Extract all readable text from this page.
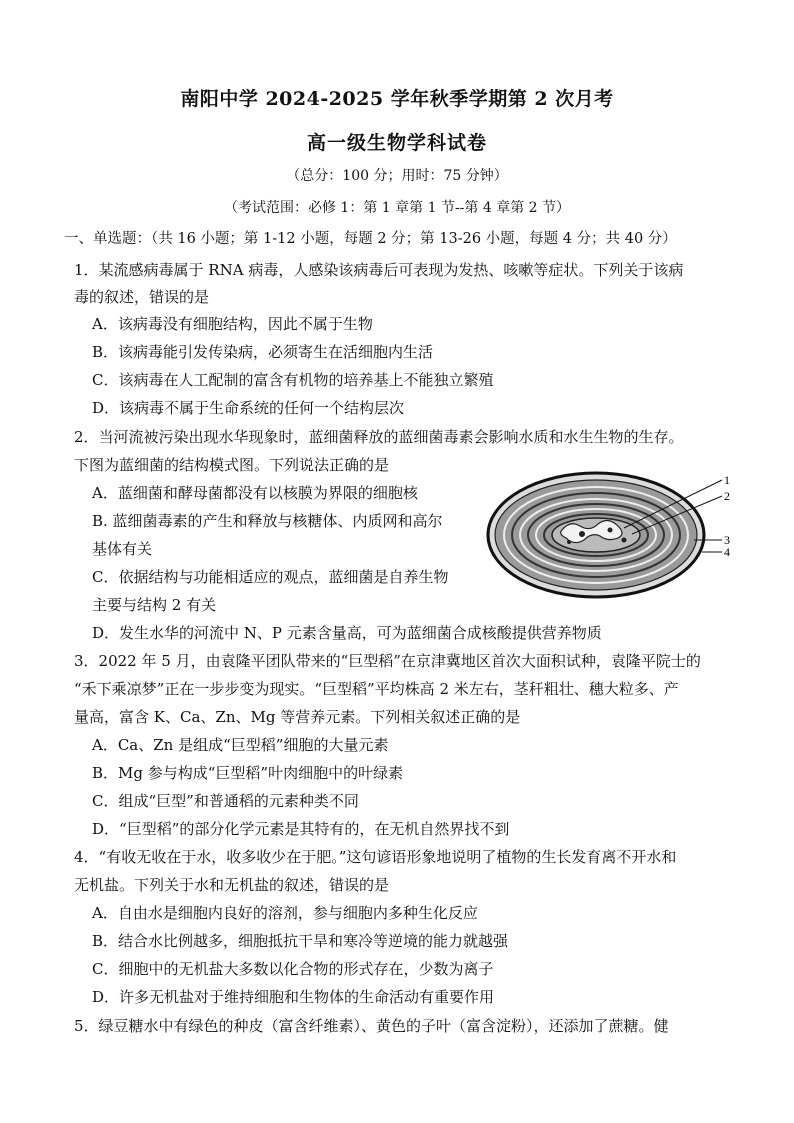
南阳中学 2024-2025 学年秋季学期第 2 次月考
高一级生物学科试卷
（总分：100 分；用时：75 分钟）
（考试范围：必修 1：第 1 章第 1 节--第 4 章第 2 节）
一、单选题：（共 16 小题；第 1-12 小题，每题 2 分；第 13-26 小题，每题 4 分；共 40 分）
1．某流感病毒属于 RNA 病毒，人感染该病毒后可表现为发热、咳嗽等症状。下列关于该病
毒的叙述，错误的是
A．该病毒没有细胞结构，因此不属于生物
B．该病毒能引发传染病，必须寄生在活细胞内生活
C．该病毒在人工配制的富含有机物的培养基上不能独立繁殖
D．该病毒不属于生命系统的任何一个结构层次
2．当河流被污染出现水华现象时，蓝细菌释放的蓝细菌毒素会影响水质和水生生物的生存。
下图为蓝细菌的结构模式图。下列说法正确的是
A．蓝细菌和酵母菌都没有以核膜为界限的细胞核
B. 蓝细菌毒素的产生和释放与核糖体、内质网和高尔
基体有关
C．依据结构与功能相适应的观点，蓝细菌是自养生物
主要与结构 2 有关
D．发生水华的河流中 N、P 元素含量高，可为蓝细菌合成核酸提供营养物质
1
2
3
4
3．2022 年 5 月，由袁隆平团队带来的“巨型稻”在京津冀地区首次大面积试种，袁隆平院士的
“禾下乘凉梦”正在一步步变为现实。“巨型稻”平均株高 2 米左右，茎秆粗壮、穗大粒多、产
量高，富含 K、Ca、Zn、Mg 等营养元素。下列相关叙述正确的是
A．Ca、Zn 是组成“巨型稻”细胞的大量元素
B．Mg 参与构成“巨型稻”叶肉细胞中的叶绿素
C．组成“巨型”和普通稻的元素种类不同
D．“巨型稻”的部分化学元素是其特有的，在无机自然界找不到
4．“有收无收在于水，收多收少在于肥。”这句谚语形象地说明了植物的生长发育离不开水和
无机盐。下列关于水和无机盐的叙述，错误的是
A．自由水是细胞内良好的溶剂，参与细胞内多种生化反应
B．结合水比例越多，细胞抵抗干旱和寒冷等逆境的能力就越强
C．细胞中的无机盐大多数以化合物的形式存在，少数为离子
D．许多无机盐对于维持细胞和生物体的生命活动有重要作用
5．绿豆糖水中有绿色的种皮（富含纤维素）、黄色的子叶（富含淀粉），还添加了蔗糖。健
